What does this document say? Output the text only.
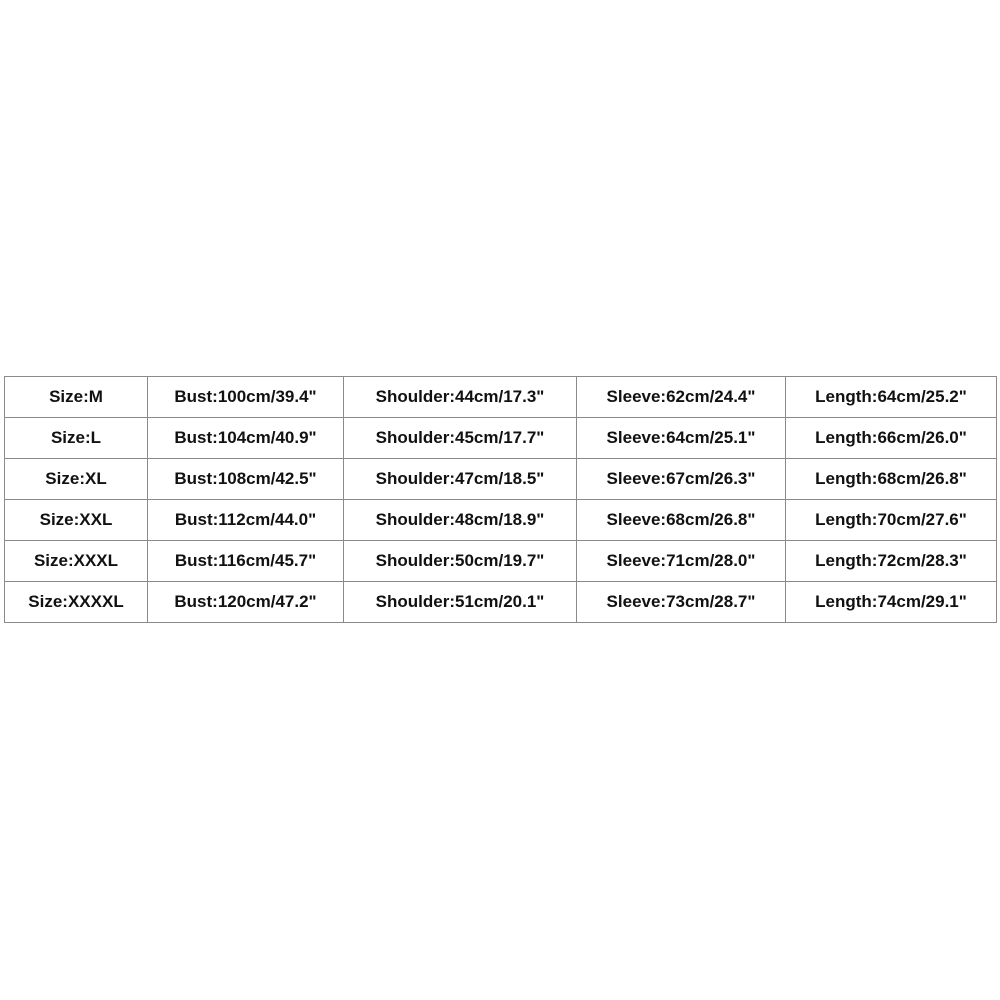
Size:M	Bust:100cm/39.4"	Shoulder:44cm/17.3"	Sleeve:62cm/24.4"	Length:64cm/25.2"
Size:L	Bust:104cm/40.9"	Shoulder:45cm/17.7"	Sleeve:64cm/25.1"	Length:66cm/26.0"
Size:XL	Bust:108cm/42.5"	Shoulder:47cm/18.5"	Sleeve:67cm/26.3"	Length:68cm/26.8"
Size:XXL	Bust:112cm/44.0"	Shoulder:48cm/18.9"	Sleeve:68cm/26.8"	Length:70cm/27.6"
Size:XXXL	Bust:116cm/45.7"	Shoulder:50cm/19.7"	Sleeve:71cm/28.0"	Length:72cm/28.3"
Size:XXXXL	Bust:120cm/47.2"	Shoulder:51cm/20.1"	Sleeve:73cm/28.7"	Length:74cm/29.1"
